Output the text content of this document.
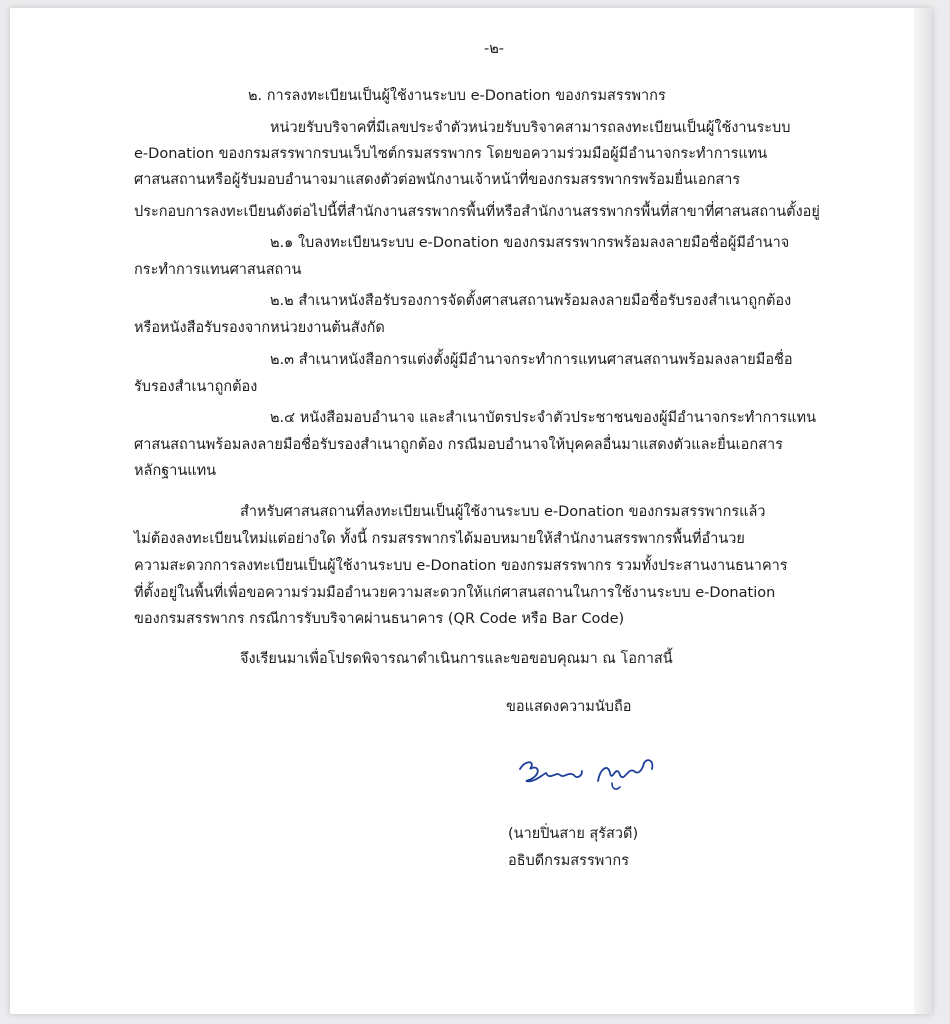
-๒-
๒. การลงทะเบียนเป็นผู้ใช้งานระบบ e-Donation ของกรมสรรพากร
หน่วยรับบริจาคที่มีเลขประจำตัวหน่วยรับบริจาคสามารถลงทะเบียนเป็นผู้ใช้งานระบบ
e-Donation ของกรมสรรพากรบนเว็บไซต์กรมสรรพากร โดยขอความร่วมมือผู้มีอำนาจกระทำการแทน
ศาสนสถานหรือผู้รับมอบอำนาจมาแสดงตัวต่อพนักงานเจ้าหน้าที่ของกรมสรรพากรพร้อมยื่นเอกสาร
ประกอบการลงทะเบียนดังต่อไปนี้ที่สำนักงานสรรพากรพื้นที่หรือสำนักงานสรรพากรพื้นที่สาขาที่ศาสนสถานตั้งอยู่
๒.๑ ใบลงทะเบียนระบบ e-Donation ของกรมสรรพากรพร้อมลงลายมือชื่อผู้มีอำนาจ
กระทำการแทนศาสนสถาน
๒.๒ สำเนาหนังสือรับรองการจัดตั้งศาสนสถานพร้อมลงลายมือชื่อรับรองสำเนาถูกต้อง
หรือหนังสือรับรองจากหน่วยงานต้นสังกัด
๒.๓ สำเนาหนังสือการแต่งตั้งผู้มีอำนาจกระทำการแทนศาสนสถานพร้อมลงลายมือชื่อ
รับรองสำเนาถูกต้อง
๒.๔ หนังสือมอบอำนาจ และสำเนาบัตรประจำตัวประชาชนของผู้มีอำนาจกระทำการแทน
ศาสนสถานพร้อมลงลายมือชื่อรับรองสำเนาถูกต้อง กรณีมอบอำนาจให้บุคคลอื่นมาแสดงตัวและยื่นเอกสาร
หลักฐานแทน
สำหรับศาสนสถานที่ลงทะเบียนเป็นผู้ใช้งานระบบ e-Donation ของกรมสรรพากรแล้ว
ไม่ต้องลงทะเบียนใหม่แต่อย่างใด ทั้งนี้ กรมสรรพากรได้มอบหมายให้สำนักงานสรรพากรพื้นที่อำนวย
ความสะดวกการลงทะเบียนเป็นผู้ใช้งานระบบ e-Donation ของกรมสรรพากร รวมทั้งประสานงานธนาคาร
ที่ตั้งอยู่ในพื้นที่เพื่อขอความร่วมมืออำนวยความสะดวกให้แก่ศาสนสถานในการใช้งานระบบ e-Donation
ของกรมสรรพากร กรณีการรับบริจาคผ่านธนาคาร (QR Code หรือ Bar Code)
จึงเรียนมาเพื่อโปรดพิจารณาดำเนินการและขอขอบคุณมา ณ โอกาสนี้
ขอแสดงความนับถือ
(นายปิ่นสาย สุรัสวดี)
อธิบดีกรมสรรพากร
